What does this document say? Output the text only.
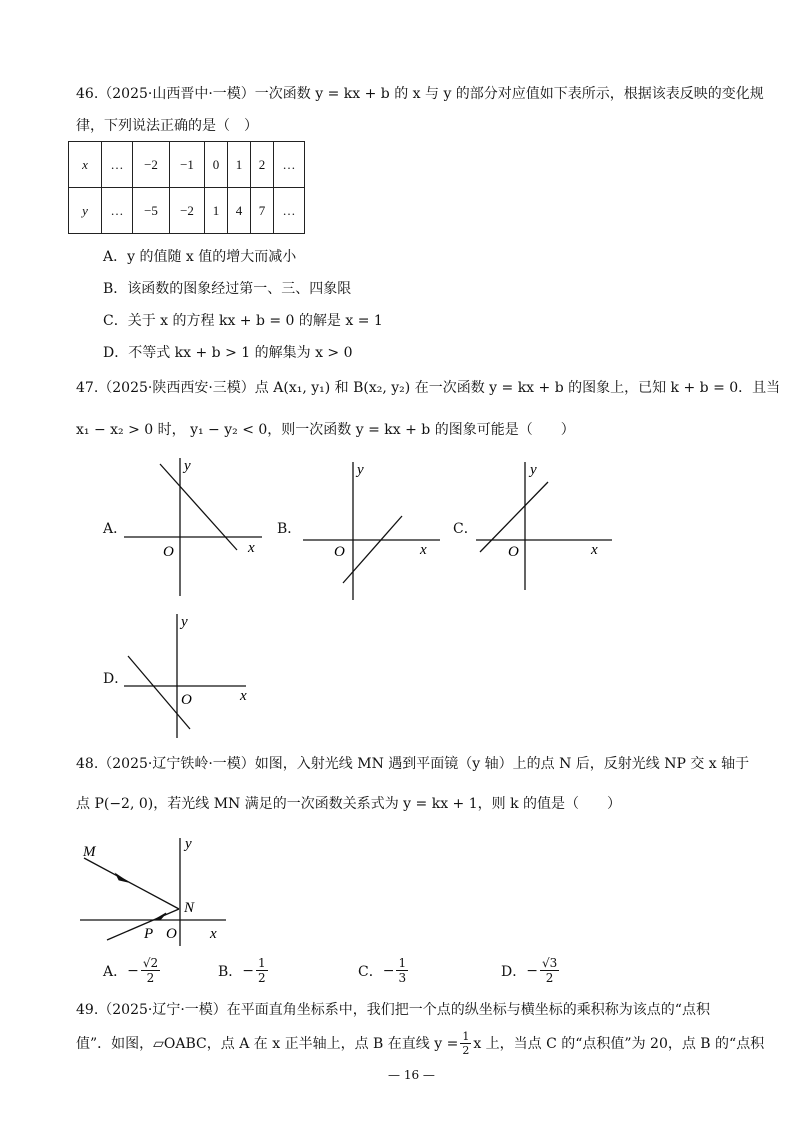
46.（2025·山西晋中·一模）一次函数 y = kx + b 的 x 与 y 的部分对应值如下表所示，根据该表反映的变化规
律，下列说法正确的是（　）
x	…	−2	−1	0	1	2	…
y	…	−5	−2	1	4	7	…
A．y 的值随 x 值的增大而减小
B．该函数的图象经过第一、三、四象限
C．关于 x 的方程 kx + b = 0 的解是 x = 1
D．不等式 kx + b > 1 的解集为 x > 0
47.（2025·陕西西安·三模）点 A(x₁, y₁) 和 B(x₂, y₂) 在一次函数 y = kx + b 的图象上，已知 k + b = 0．且当
x₁ − x₂ > 0 时， y₁ − y₂ < 0，则一次函数 y = kx + b 的图象可能是（　　）
A．	B．	C．
D．
x
y
O	x
y
O	x
y
O
x
y
O
M
N
P O x
y
48.（2025·辽宁铁岭·一模）如图，入射光线 MN 遇到平面镜（y 轴）上的点 N 后，反射光线 NP 交 x 轴于
点 P(−2, 0)，若光线 MN 满足的一次函数关系式为 y = kx + 1，则 k 的值是（　　）
A． − $\frac{√2}{2}$	B． − $\frac{1}{2}$	C． − $\frac{1}{3}$	D． − $\frac{√3}{2}$
49.（2025·辽宁·一模）在平面直角坐标系中，我们把一个点的纵坐标与横坐标的乘积称为该点的“点积
值”．如图，▱OABC，点 A 在 x 正半轴上，点 B 在直线 $y = \frac{1}{2}$ x 上，当点 C 的“点积值”为 20，点 B 的“点积
— 16 —
